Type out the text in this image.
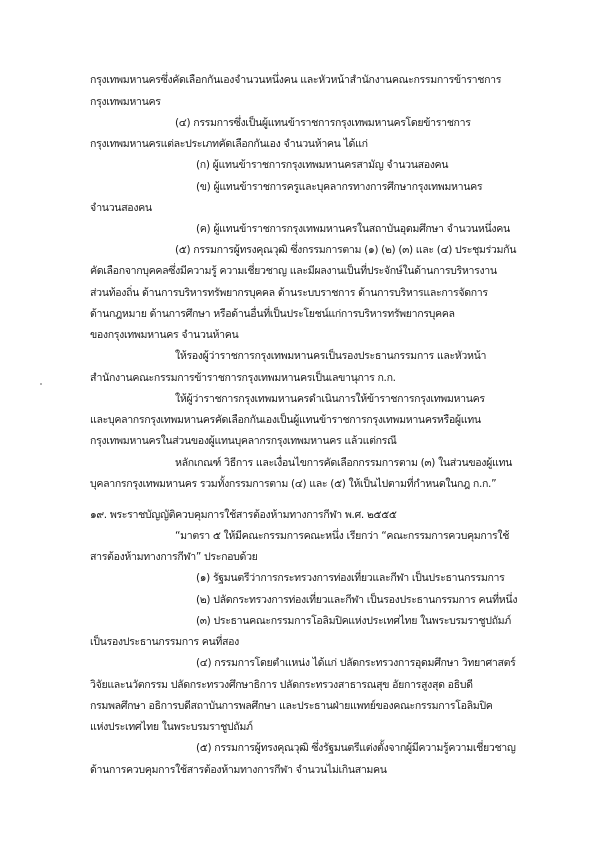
กรุงเทพมหานครซึ่งคัดเลือกกันเองจำนวนหนึ่งคน และหัวหน้าสำนักงานคณะกรรมการข้าราชการ
กรุงเทพมหานคร
(๔) กรรมการซึ่งเป็นผู้แทนข้าราชการกรุงเทพมหานครโดยข้าราชการ
กรุงเทพมหานครแต่ละประเภทคัดเลือกกันเอง จำนวนห้าคน ได้แก่
(ก) ผู้แทนข้าราชการกรุงเทพมหานครสามัญ จำนวนสองคน
(ข) ผู้แทนข้าราชการครูและบุคลากรทางการศึกษากรุงเทพมหานคร
จำนวนสองคน
(ค) ผู้แทนข้าราชการกรุงเทพมหานครในสถาบันอุดมศึกษา จำนวนหนึ่งคน
(๕) กรรมการผู้ทรงคุณวุฒิ ซึ่งกรรมการตาม (๑) (๒) (๓) และ (๔) ประชุมร่วมกัน
คัดเลือกจากบุคคลซึ่งมีความรู้ ความเชี่ยวชาญ และมีผลงานเป็นที่ประจักษ์ในด้านการบริหารงาน
ส่วนท้องถิ่น ด้านการบริหารทรัพยากรบุคคล ด้านระบบราชการ ด้านการบริหารและการจัดการ
ด้านกฎหมาย ด้านการศึกษา หรือด้านอื่นที่เป็นประโยชน์แก่การบริหารทรัพยากรบุคคล
ของกรุงเทพมหานคร จำนวนห้าคน
ให้รองผู้ว่าราชการกรุงเทพมหานครเป็นรองประธานกรรมการ และหัวหน้า
สำนักงานคณะกรรมการข้าราชการกรุงเทพมหานครเป็นเลขานุการ ก.ก.
ให้ผู้ว่าราชการกรุงเทพมหานครดำเนินการให้ข้าราชการกรุงเทพมหานคร
และบุคลากรกรุงเทพมหานครคัดเลือกกันเองเป็นผู้แทนข้าราชการกรุงเทพมหานครหรือผู้แทน
กรุงเทพมหานครในส่วนของผู้แทนบุคลากรกรุงเทพมหานคร แล้วแต่กรณี
หลักเกณฑ์ วิธีการ และเงื่อนไขการคัดเลือกกรรมการตาม (๓) ในส่วนของผู้แทน
บุคลากรกรุงเทพมหานคร รวมทั้งกรรมการตาม (๔) และ (๕) ให้เป็นไปตามที่กำหนดในกฎ ก.ก.”
๑๙. พระราชบัญญัติควบคุมการใช้สารต้องห้ามทางการกีฬา พ.ศ. ๒๕๕๕
“มาตรา ๕ ให้มีคณะกรรมการคณะหนึ่ง เรียกว่า “คณะกรรมการควบคุมการใช้
สารต้องห้ามทางการกีฬา” ประกอบด้วย
(๑) รัฐมนตรีว่าการกระทรวงการท่องเที่ยวและกีฬา เป็นประธานกรรมการ
(๒) ปลัดกระทรวงการท่องเที่ยวและกีฬา เป็นรองประธานกรรมการ คนที่หนึ่ง
(๓) ประธานคณะกรรมการโอลิมปิคแห่งประเทศไทย ในพระบรมราชูปถัมภ์
เป็นรองประธานกรรมการ คนที่สอง
(๔) กรรมการโดยตำแหน่ง ได้แก่ ปลัดกระทรวงการอุดมศึกษา วิทยาศาสตร์
วิจัยและนวัตกรรม ปลัดกระทรวงศึกษาธิการ ปลัดกระทรวงสาธารณสุข อัยการสูงสุด อธิบดี
กรมพลศึกษา อธิการบดีสถาบันการพลศึกษา และประธานฝ่ายแพทย์ของคณะกรรมการโอลิมปิค
แห่งประเทศไทย ในพระบรมราชูปถัมภ์
(๕) กรรมการผู้ทรงคุณวุฒิ ซึ่งรัฐมนตรีแต่งตั้งจากผู้มีความรู้ความเชี่ยวชาญ
ด้านการควบคุมการใช้สารต้องห้ามทางการกีฬา จำนวนไม่เกินสามคน
